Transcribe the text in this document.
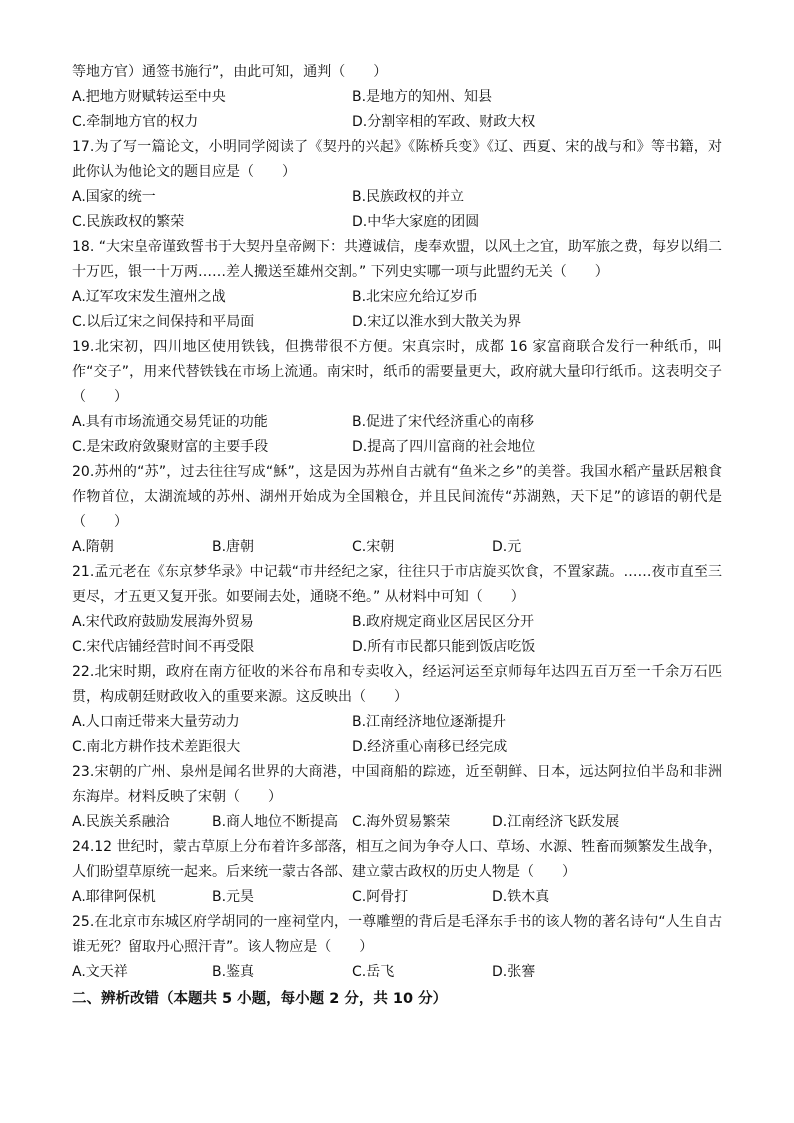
等地方官）通签书施行”，由此可知，通判（　　）
A.把地方财赋转运至中央	B.是地方的知州、知县
C.牵制地方官的权力	D.分割宰相的军政、财政大权
17.为了写一篇论文，小明同学阅读了《契丹的兴起》《陈桥兵变》《辽、西夏、宋的战与和》等书籍，对此你认为他论文的题目应是（　　）
A.国家的统一	B.民族政权的并立
C.民族政权的繁荣	D.中华大家庭的团圆
18. “大宋皇帝谨致誓书于大契丹皇帝阙下：共遵诚信，虔奉欢盟，以风土之宜，助军旅之费，每岁以绢二十万匹，银一十万两……差人搬送至雄州交割。” 下列史实哪一项与此盟约无关（　　）
A.辽军攻宋发生澶州之战	B.北宋应允给辽岁币
C.以后辽宋之间保持和平局面	D.宋辽以淮水到大散关为界
19.北宋初，四川地区使用铁钱，但携带很不方便。宋真宗时，成都 16 家富商联合发行一种纸币，叫作“交子”，用来代替铁钱在市场上流通。南宋时，纸币的需要量更大，政府就大量印行纸币。这表明交子（　　）
A.具有市场流通交易凭证的功能	B.促进了宋代经济重心的南移
C.是宋政府敛聚财富的主要手段	D.提高了四川富商的社会地位
20.苏州的“苏”，过去往往写成“穌”，这是因为苏州自古就有“鱼米之乡”的美誉。我国水稻产量跃居粮食作物首位，太湖流域的苏州、湖州开始成为全国粮仓，并且民间流传“苏湖熟，天下足”的谚语的朝代是（　　）
A.隋朝	B.唐朝	C.宋朝	D.元
21.孟元老在《东京梦华录》中记载“市井经纪之家，往往只于市店旋买饮食，不置家蔬。……夜市直至三更尽，才五更又复开张。如要闹去处，通晓不绝。” 从材料中可知（　　）
A.宋代政府鼓励发展海外贸易	B.政府规定商业区居民区分开
C.宋代店铺经营时间不再受限	D.所有市民都只能到饭店吃饭
22.北宋时期，政府在南方征收的米谷布帛和专卖收入，经运河运至京师每年达四五百万至一千余万石匹贯，构成朝廷财政收入的重要来源。这反映出（　　）
A.人口南迁带来大量劳动力	B.江南经济地位逐渐提升
C.南北方耕作技术差距很大	D.经济重心南移已经完成
23.宋朝的广州、泉州是闻名世界的大商港，中国商船的踪迹，近至朝鲜、日本，远达阿拉伯半岛和非洲东海岸。材料反映了宋朝（　　）
A.民族关系融洽	B.商人地位不断提高 C.海外贸易繁荣	D.江南经济飞跃发展
24.12 世纪时，蒙古草原上分布着许多部落，相互之间为争夺人口、草场、水源、牲畜而频繁发生战争，人们盼望草原统一起来。后来统一蒙古各部、建立蒙古政权的历史人物是（　　）
A.耶律阿保机	B.元昊	C.阿骨打	D.铁木真
25.在北京市东城区府学胡同的一座祠堂内，一尊雕塑的背后是毛泽东手书的该人物的著名诗句“人生自古谁无死？留取丹心照汗青”。该人物应是（　　）
A.文天祥	B.鉴真	C.岳飞	D.张謇
二、辨析改错（本题共 5 小题，每小题 2 分，共 10 分）
